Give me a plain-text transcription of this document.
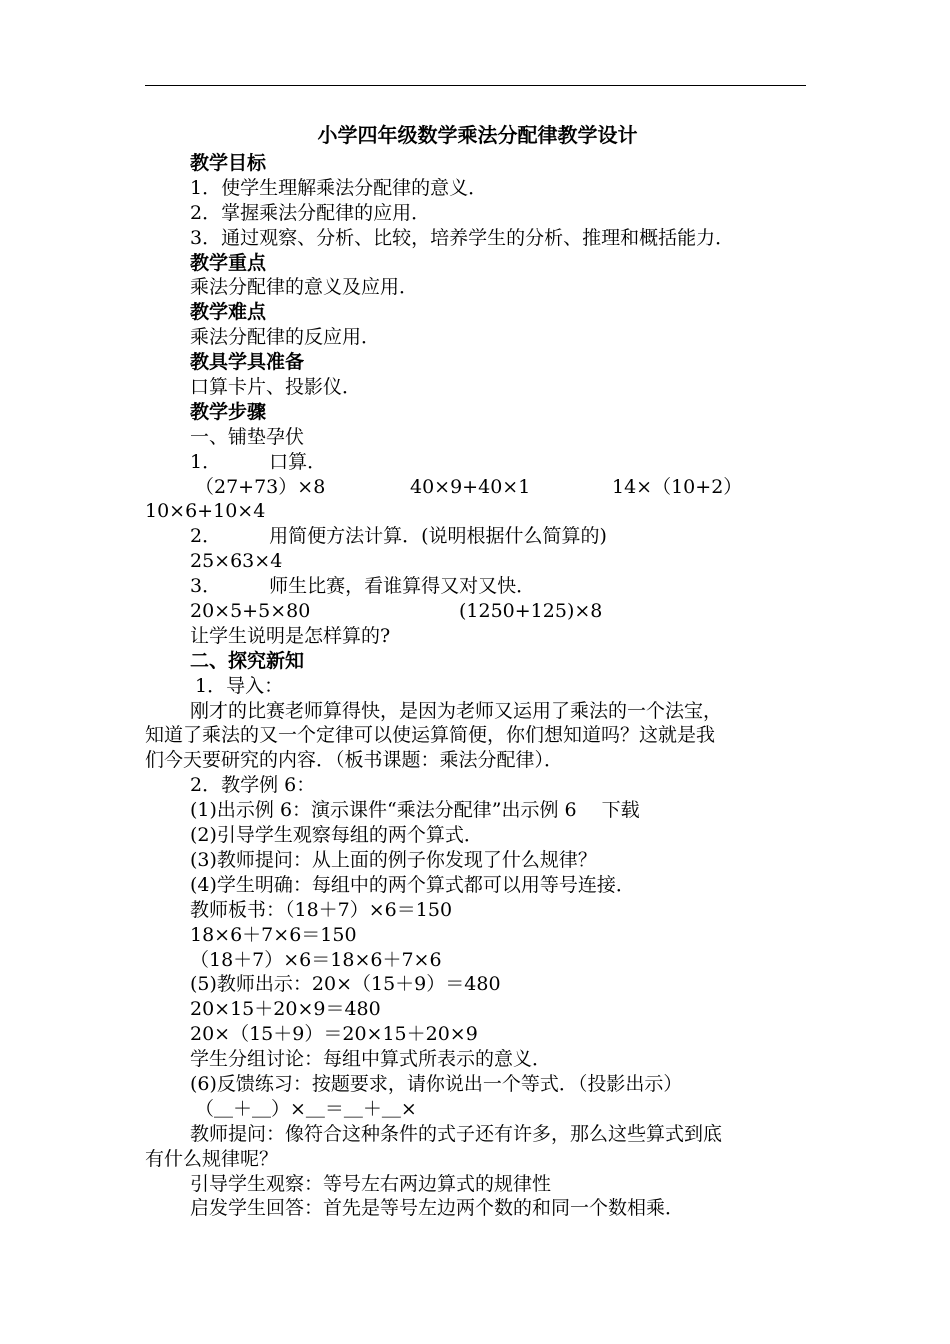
小学四年级数学乘法分配律教学设计
教学目标
1．使学生理解乘法分配律的意义．
2．掌握乘法分配律的应用．
3．通过观察、分析、比较，培养学生的分析、推理和概括能力．
教学重点
乘法分配律的意义及应用．
教学难点
乘法分配律的反应用．
教具学具准备
口算卡片、投影仪．
教学步骤
一、铺垫孕伏
1．	口算．
（27+73）×8	40×9+40×1	14×（10+2）
10×6+10×4
2．	用简便方法计算．(说明根据什么简算的)
25×63×4
3．	师生比赛，看谁算得又对又快．
20×5+5×80	(1250+125)×8
让学生说明是怎样算的?
二、探究新知
1．导入：
刚才的比赛老师算得快，是因为老师又运用了乘法的一个法宝，
知道了乘法的又一个定律可以使运算简便，你们想知道吗？这就是我
们今天要研究的内容．（板书课题：乘法分配律）．
2．教学例 6：
(1)出示例 6：演示课件“乘法分配律”出示例 6　 下载
(2)引导学生观察每组的两个算式．
(3)教师提问：从上面的例子你发现了什么规律？
(4)学生明确：每组中的两个算式都可以用等号连接．
教师板书：（18＋7）×6＝150
18×6＋7×6＝150
（18＋7）×6＝18×6＋7×6
(5)教师出示：20×（15＋9）＝480
20×15＋20×9＝480
20×（15＋9）＝20×15＋20×9
学生分组讨论：每组中算式所表示的意义．
(6)反馈练习：按题要求，请你说出一个等式．（投影出示）
（＿＋＿）×＿＝＿＋＿×
教师提问：像符合这种条件的式子还有许多，那么这些算式到底
有什么规律呢？
引导学生观察：等号左右两边算式的规律性
启发学生回答：首先是等号左边两个数的和同一个数相乘．
